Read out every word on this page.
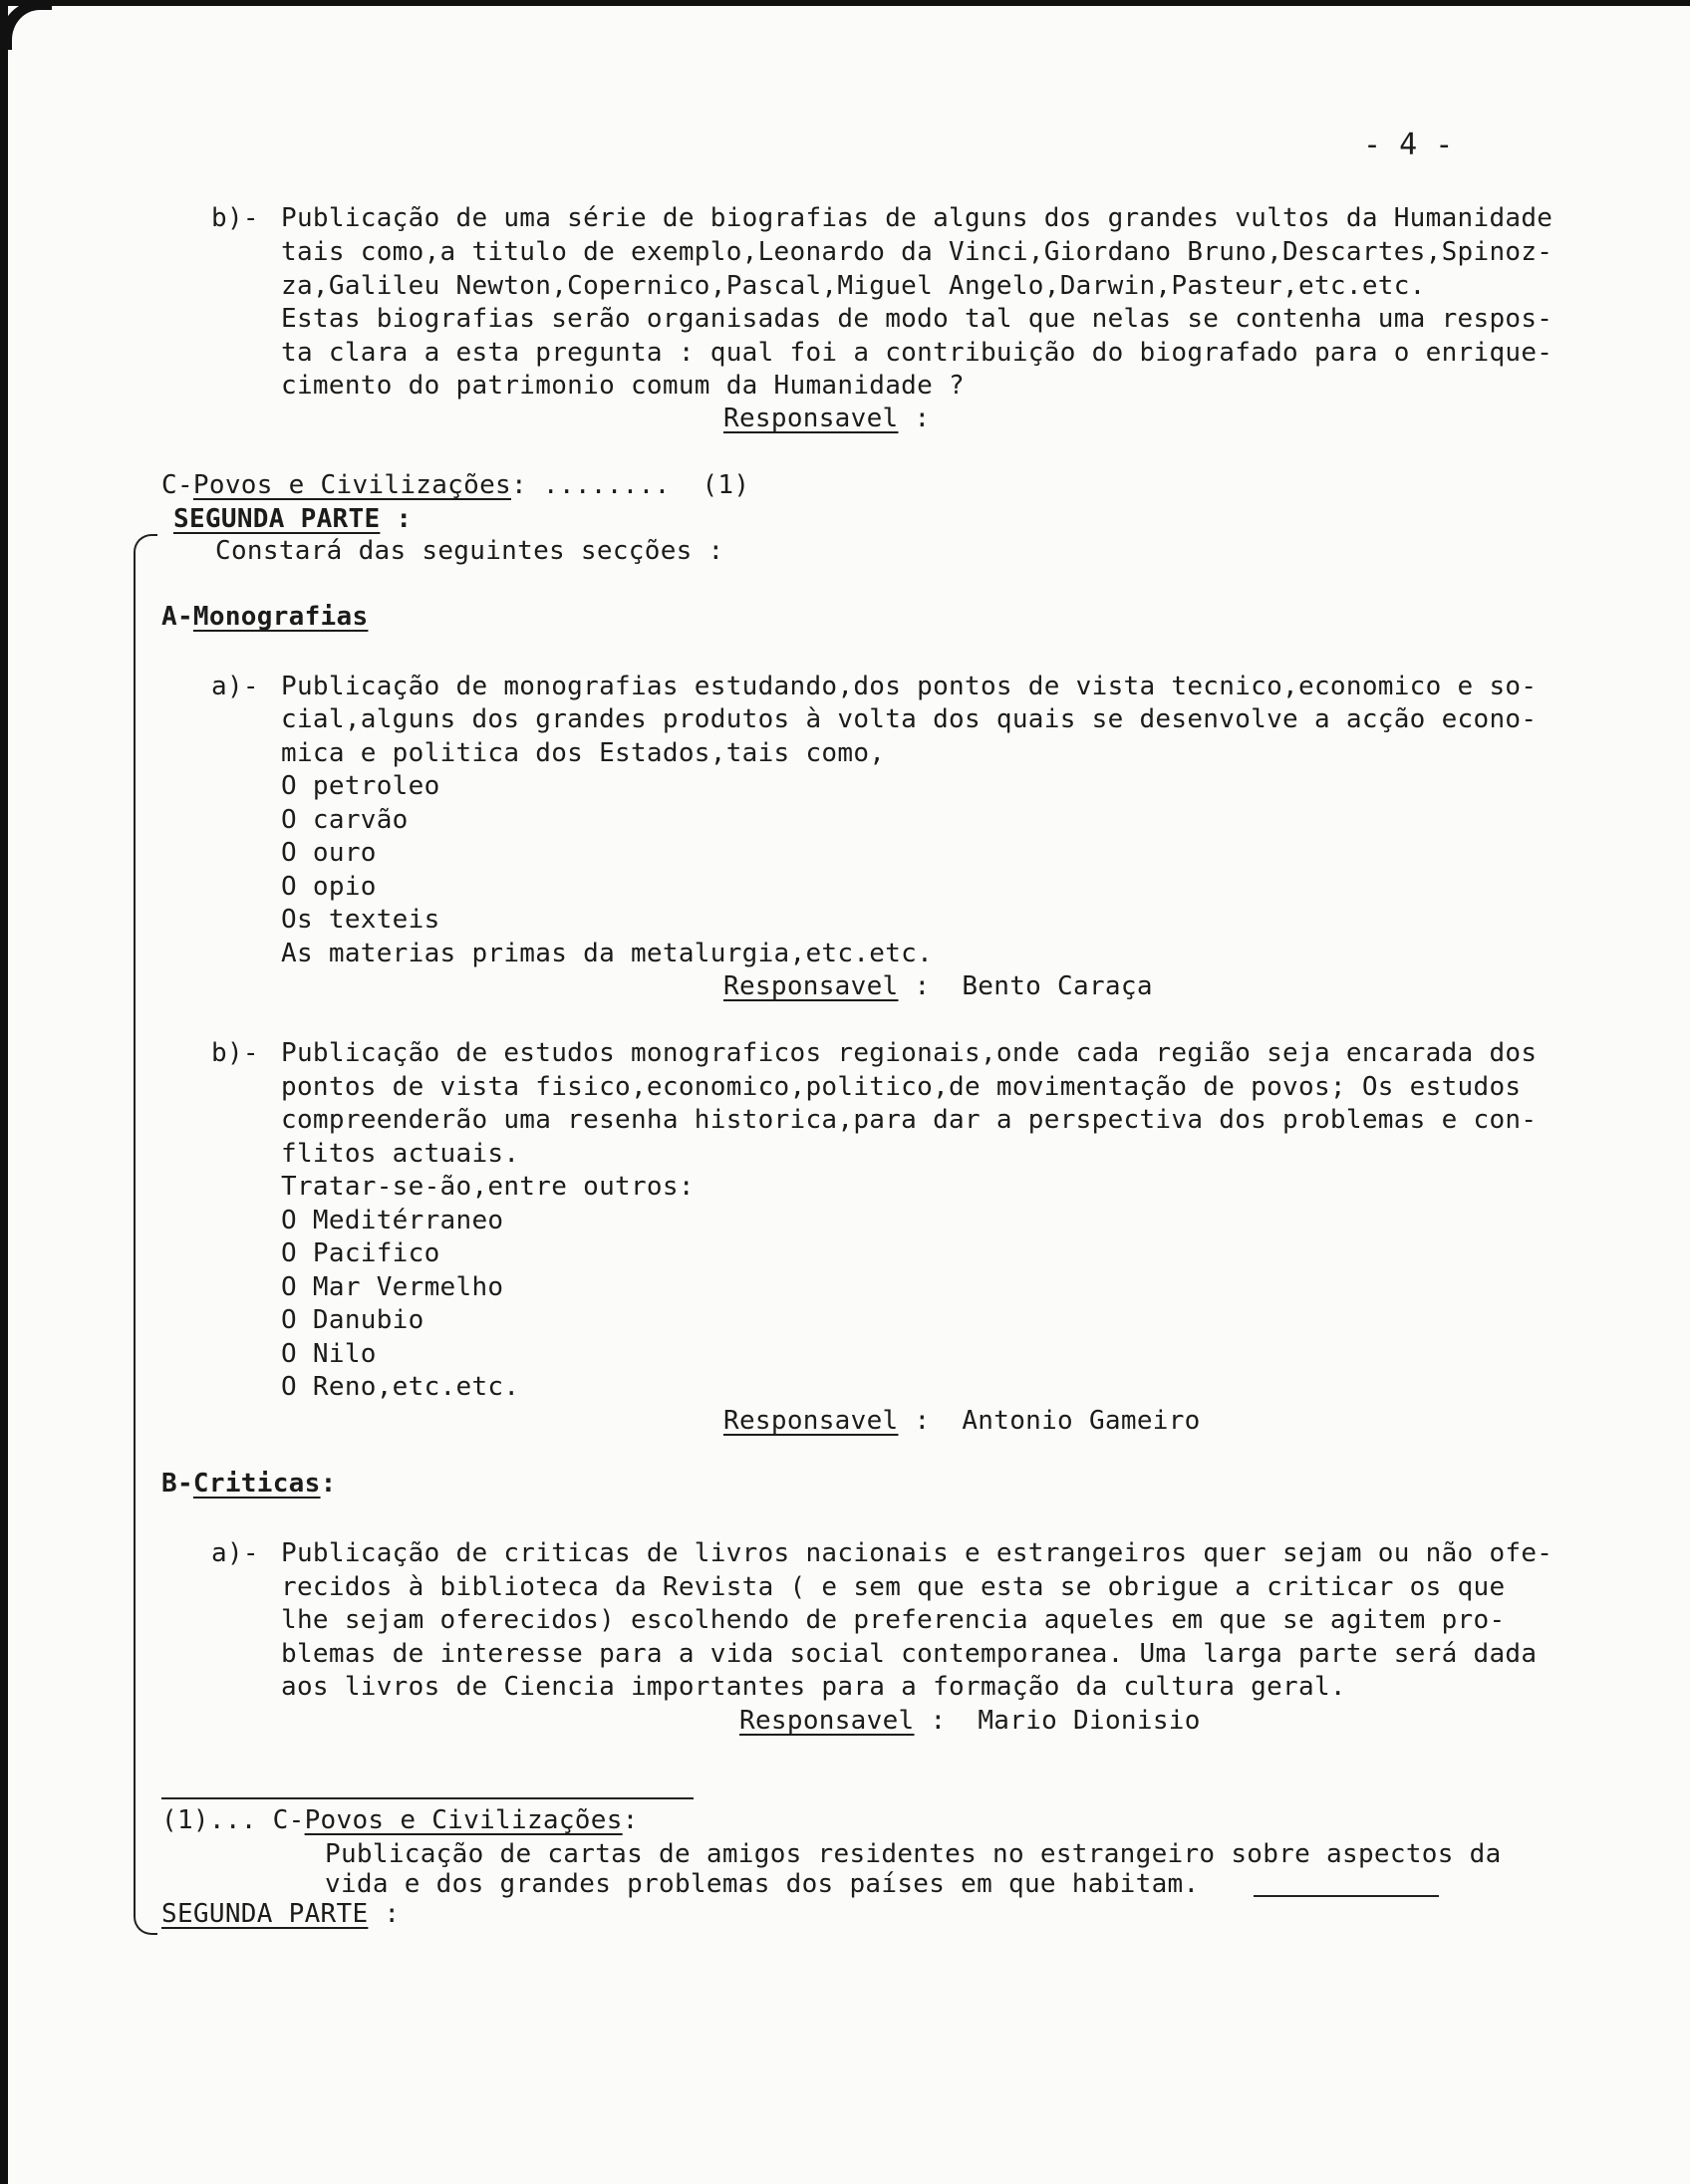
- 4 -
b)- Publicação de uma série de biografias de alguns dos grandes vultos da Humanidade
tais como,a titulo de exemplo,Leonardo da Vinci,Giordano Bruno,Descartes,Spinoz-
za,Galileu Newton,Copernico,Pascal,Miguel Angelo,Darwin,Pasteur,etc.etc.
Estas biografias serão organisadas de modo tal que nelas se contenha uma respos-
ta clara a esta pregunta : qual foi a contribuição do biografado para o enrique-
cimento do patrimonio comum da Humanidade ?
Responsavel :
C-Povos e Civilizações: ........  (1)
SEGUNDA PARTE :
Constará das seguintes secções :
A-Monografias
a)- Publicação de monografias estudando,dos pontos de vista tecnico,economico e so-
cial,alguns dos grandes produtos à volta dos quais se desenvolve a acção econo-
mica e politica dos Estados,tais como,
O petroleo
O carvão
O ouro
O opio
Os texteis
As materias primas da metalurgia,etc.etc.
Responsavel :  Bento Caraça
b)- Publicação de estudos monograficos regionais,onde cada região seja encarada dos
pontos de vista fisico,economico,politico,de movimentação de povos; Os estudos
compreenderão uma resenha historica,para dar a perspectiva dos problemas e con-
flitos actuais.
Tratar-se-ão,entre outros:
O Meditérraneo
O Pacifico
O Mar Vermelho
O Danubio
O Nilo
O Reno,etc.etc.
Responsavel :  Antonio Gameiro
B-Criticas:
a)- Publicação de criticas de livros nacionais e estrangeiros quer sejam ou não ofe-
recidos à biblioteca da Revista ( e sem que esta se obrigue a criticar os que
lhe sejam oferecidos) escolhendo de preferencia aqueles em que se agitem pro-
blemas de interesse para a vida social contemporanea. Uma larga parte será dada
aos livros de Ciencia importantes para a formação da cultura geral.
Responsavel :  Mario Dionisio
(1)... C-Povos e Civilizações:
Publicação de cartas de amigos residentes no estrangeiro sobre aspectos da
vida e dos grandes problemas dos países em que habitam.
SEGUNDA PARTE :
